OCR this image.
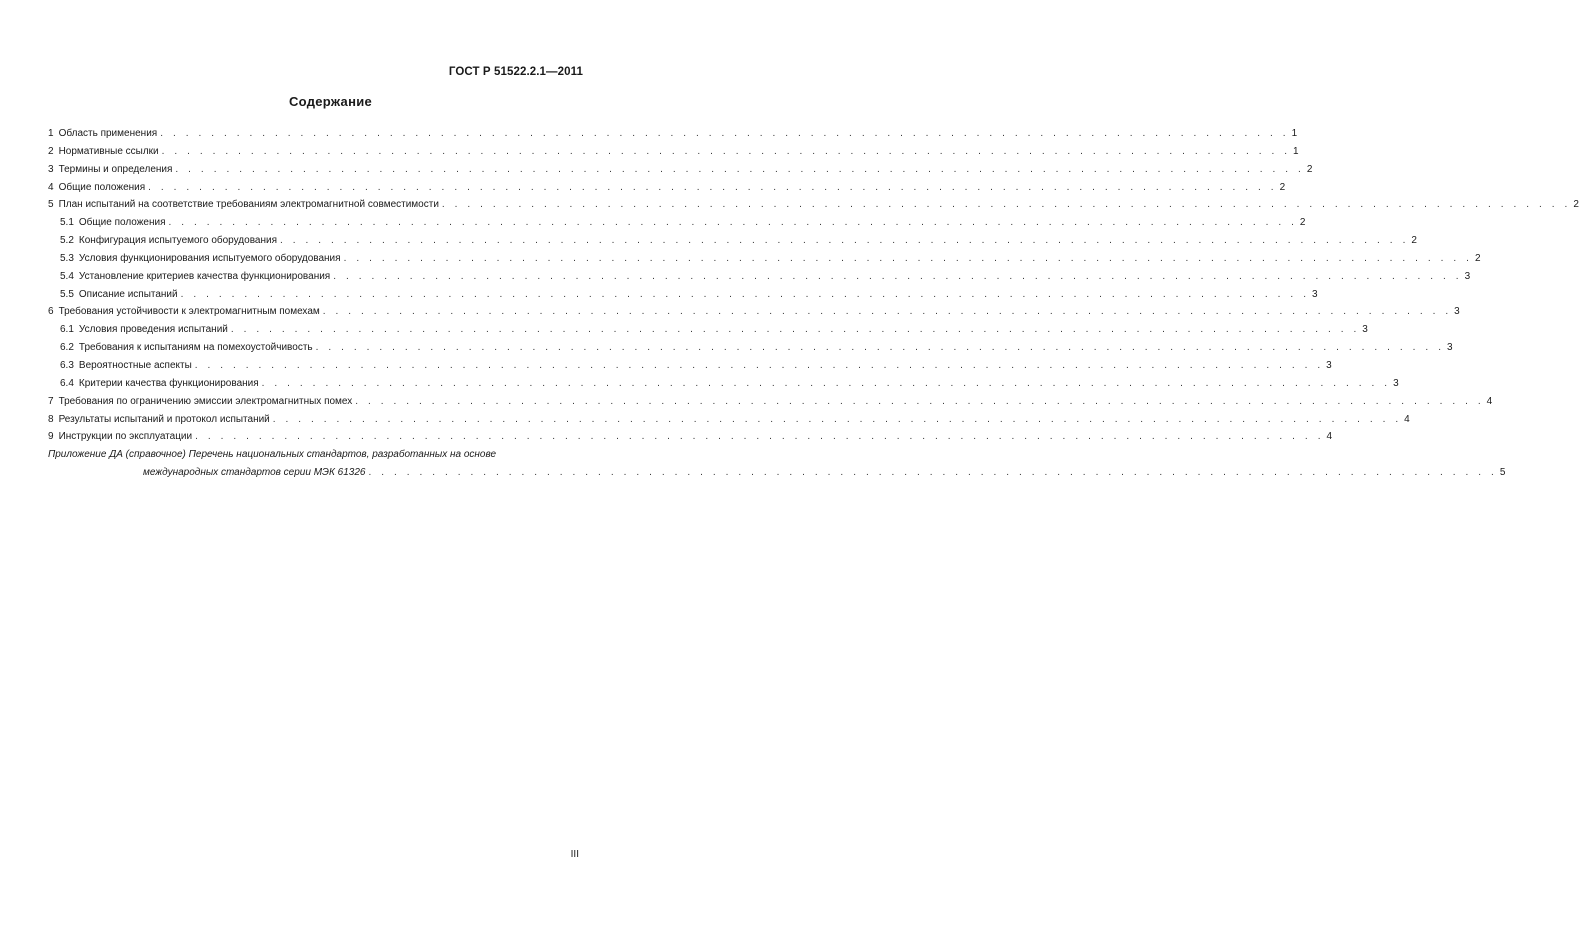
ГОСТ Р 51522.2.1—2011
Содержание
1 Область применения . . . . . . . . . . . . . . . . . . . . . . . . . . . . . . . . . . . . . . . . . . . . . . . . . . . . . . . . . . . . . . . . . . . . . . . . . . . . . . . . . . . . . . . . . 1
2 Нормативные ссылки . . . . . . . . . . . . . . . . . . . . . . . . . . . . . . . . . . . . . . . . . . . . . . . . . . . . . . . . . . . . . . . . . . . . . . . . . . . . . . . . . . . . . . . . . 1
3 Термины и определения . . . . . . . . . . . . . . . . . . . . . . . . . . . . . . . . . . . . . . . . . . . . . . . . . . . . . . . . . . . . . . . . . . . . . . . . . . . . . . . . . . . . . . . . . 2
4 Общие положения . . . . . . . . . . . . . . . . . . . . . . . . . . . . . . . . . . . . . . . . . . . . . . . . . . . . . . . . . . . . . . . . . . . . . . . . . . . . . . . . . . . . . . . . . 2
5 План испытаний на соответствие требованиям электромагнитной совместимости . . . . . . . . . . . . . . . . . . . . . . . . . . . . . . . . . . . . . . . . . . . . . . . . . . . . . . . . . . . . . . . . . . . . . . . . . . . . . . . . . . . . . . . . . 2
5.1 Общие положения . . . . . . . . . . . . . . . . . . . . . . . . . . . . . . . . . . . . . . . . . . . . . . . . . . . . . . . . . . . . . . . . . . . . . . . . . . . . . . . . . . . . . . . . . 2
5.2 Конфигурация испытуемого оборудования . . . . . . . . . . . . . . . . . . . . . . . . . . . . . . . . . . . . . . . . . . . . . . . . . . . . . . . . . . . . . . . . . . . . . . . . . . . . . . . . . . . . . . . . . 2
5.3 Условия функционирования испытуемого оборудования . . . . . . . . . . . . . . . . . . . . . . . . . . . . . . . . . . . . . . . . . . . . . . . . . . . . . . . . . . . . . . . . . . . . . . . . . . . . . . . . . . . . . . . . . 2
5.4 Установление критериев качества функционирования . . . . . . . . . . . . . . . . . . . . . . . . . . . . . . . . . . . . . . . . . . . . . . . . . . . . . . . . . . . . . . . . . . . . . . . . . . . . . . . . . . . . . . . . . 3
5.5 Описание испытаний . . . . . . . . . . . . . . . . . . . . . . . . . . . . . . . . . . . . . . . . . . . . . . . . . . . . . . . . . . . . . . . . . . . . . . . . . . . . . . . . . . . . . . . . . 3
6 Требования устойчивости к электромагнитным помехам . . . . . . . . . . . . . . . . . . . . . . . . . . . . . . . . . . . . . . . . . . . . . . . . . . . . . . . . . . . . . . . . . . . . . . . . . . . . . . . . . . . . . . . . . 3
6.1 Условия проведения испытаний . . . . . . . . . . . . . . . . . . . . . . . . . . . . . . . . . . . . . . . . . . . . . . . . . . . . . . . . . . . . . . . . . . . . . . . . . . . . . . . . . . . . . . . . . 3
6.2 Требования к испытаниям на помехоустойчивость . . . . . . . . . . . . . . . . . . . . . . . . . . . . . . . . . . . . . . . . . . . . . . . . . . . . . . . . . . . . . . . . . . . . . . . . . . . . . . . . . . . . . . . . . 3
6.3 Вероятностные аспекты . . . . . . . . . . . . . . . . . . . . . . . . . . . . . . . . . . . . . . . . . . . . . . . . . . . . . . . . . . . . . . . . . . . . . . . . . . . . . . . . . . . . . . . . . 3
6.4 Критерии качества функционирования . . . . . . . . . . . . . . . . . . . . . . . . . . . . . . . . . . . . . . . . . . . . . . . . . . . . . . . . . . . . . . . . . . . . . . . . . . . . . . . . . . . . . . . . . 3
7 Требования по ограничению эмиссии электромагнитных помех . . . . . . . . . . . . . . . . . . . . . . . . . . . . . . . . . . . . . . . . . . . . . . . . . . . . . . . . . . . . . . . . . . . . . . . . . . . . . . . . . . . . . . . . . 4
8 Результаты испытаний и протокол испытаний . . . . . . . . . . . . . . . . . . . . . . . . . . . . . . . . . . . . . . . . . . . . . . . . . . . . . . . . . . . . . . . . . . . . . . . . . . . . . . . . . . . . . . . . . 4
9 Инструкции по эксплуатации . . . . . . . . . . . . . . . . . . . . . . . . . . . . . . . . . . . . . . . . . . . . . . . . . . . . . . . . . . . . . . . . . . . . . . . . . . . . . . . . . . . . . . . . . 4
Приложение ДА (справочное) Перечень национальных стандартов, разработанных на основе
международных стандартов серии МЭК 61326 . . . . . . . . . . . . . . . . . . . . . . . . . . . . . . . . . . . . . . . . . . . . . . . . . . . . . . . . . . . . . . . . . . . . . . . . . . . . . . . . . . . . . . . . . 5
III
